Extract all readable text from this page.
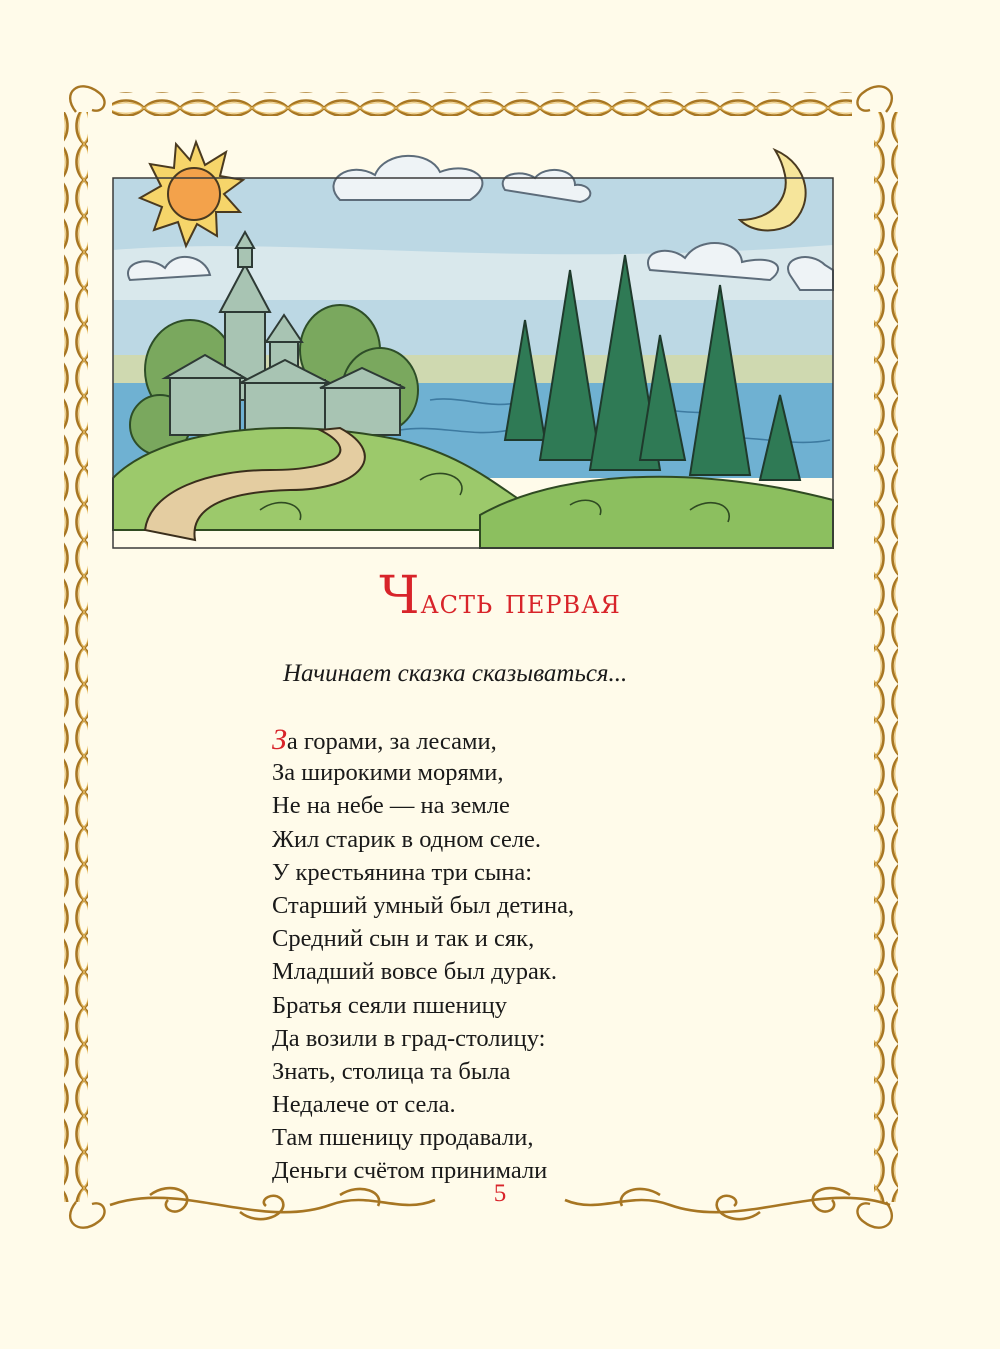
Часть первая
Начинает сказка сказываться...
За горами, за лесами,
За широкими морями,
Не на небе — на земле
Жил старик в одном селе.
У крестьянина три сына:
Старший умный был детина,
Средний сын и так и сяк,
Младший вовсе был дурак.
Братья сеяли пшеницу
Да возили в град-столицу:
Знать, столица та была
Недалече от села.
Там пшеницу продавали,
Деньги счётом принимали
5
